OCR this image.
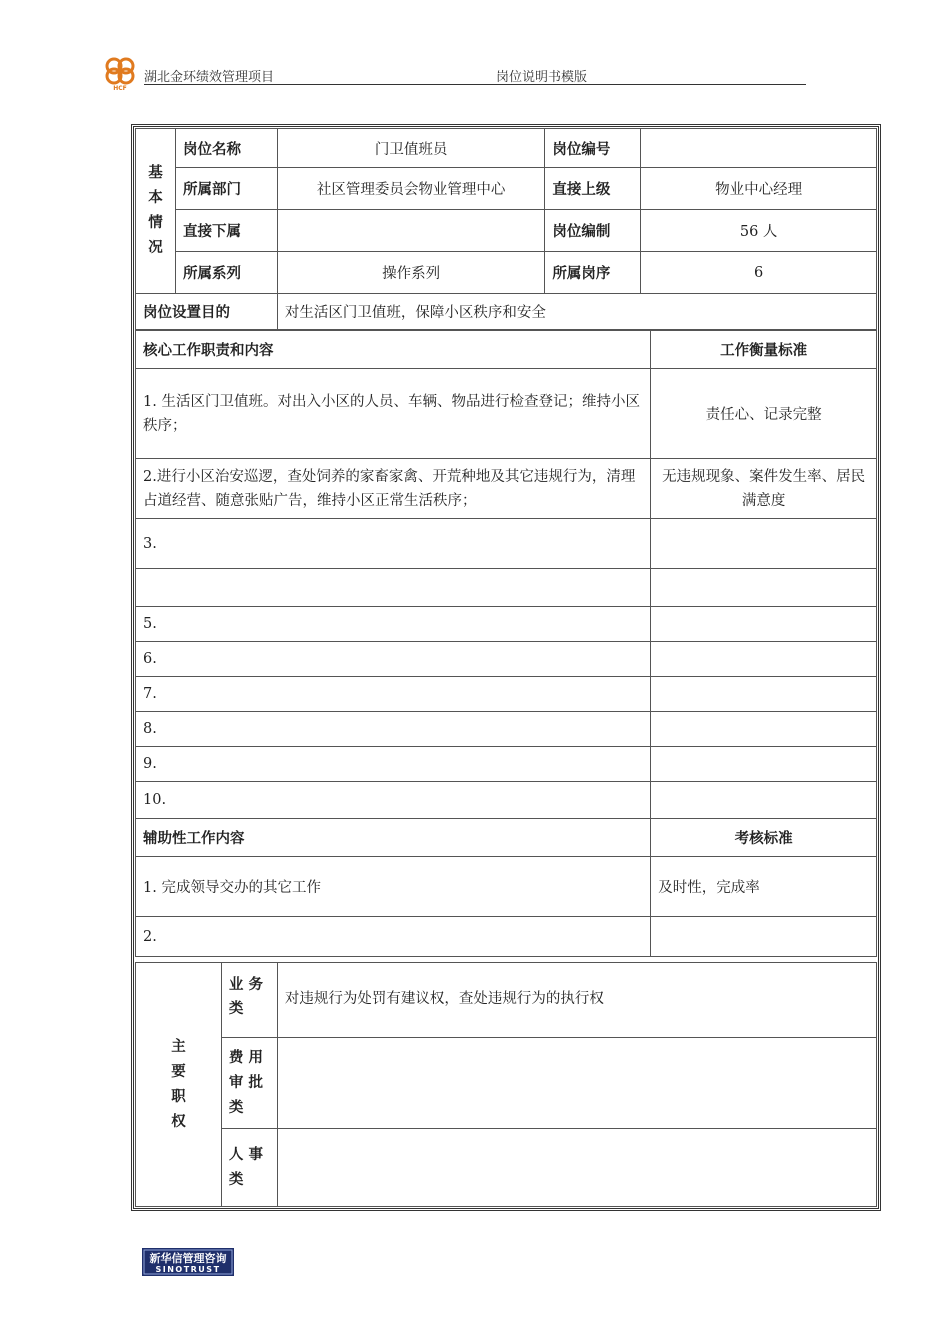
HCF
湖北金环绩效管理项目	岗位说明书模版
基
本
情
况	岗位名称	门卫值班员	岗位编号	
	所属部门	社区管理委员会物业管理中心	直接上级	物业中心经理
	直接下属		岗位编制	56 人
	所属系列	操作系列	所属岗序	6
岗位设置目的		对生活区门卫值班，保障小区秩序和安全		
核心工作职责和内容	工作衡量标准
1. 生活区门卫值班。对出入小区的人员、车辆、物品进行检查登记；维持小区秩序；	责任心、记录完整
2.进行小区治安巡逻，查处饲养的家畜家禽、开荒种地及其它违规行为，清理占道经营、随意张贴广告，维持小区正常生活秩序；	无违规现象、案件发生率、居民满意度
3.	

5.	
6.	
7.	
8.	
9.	
10.	
辅助性工作内容	考核标准
1. 完成领导交办的其它工作	及时性，完成率
2.	
主
要
职
权	业 务
类	对违规行为处罚有建议权，查处违规行为的执行权
	费 用
审 批
类	
	人 事
类	
新华信管理咨询
SINOTRUST
